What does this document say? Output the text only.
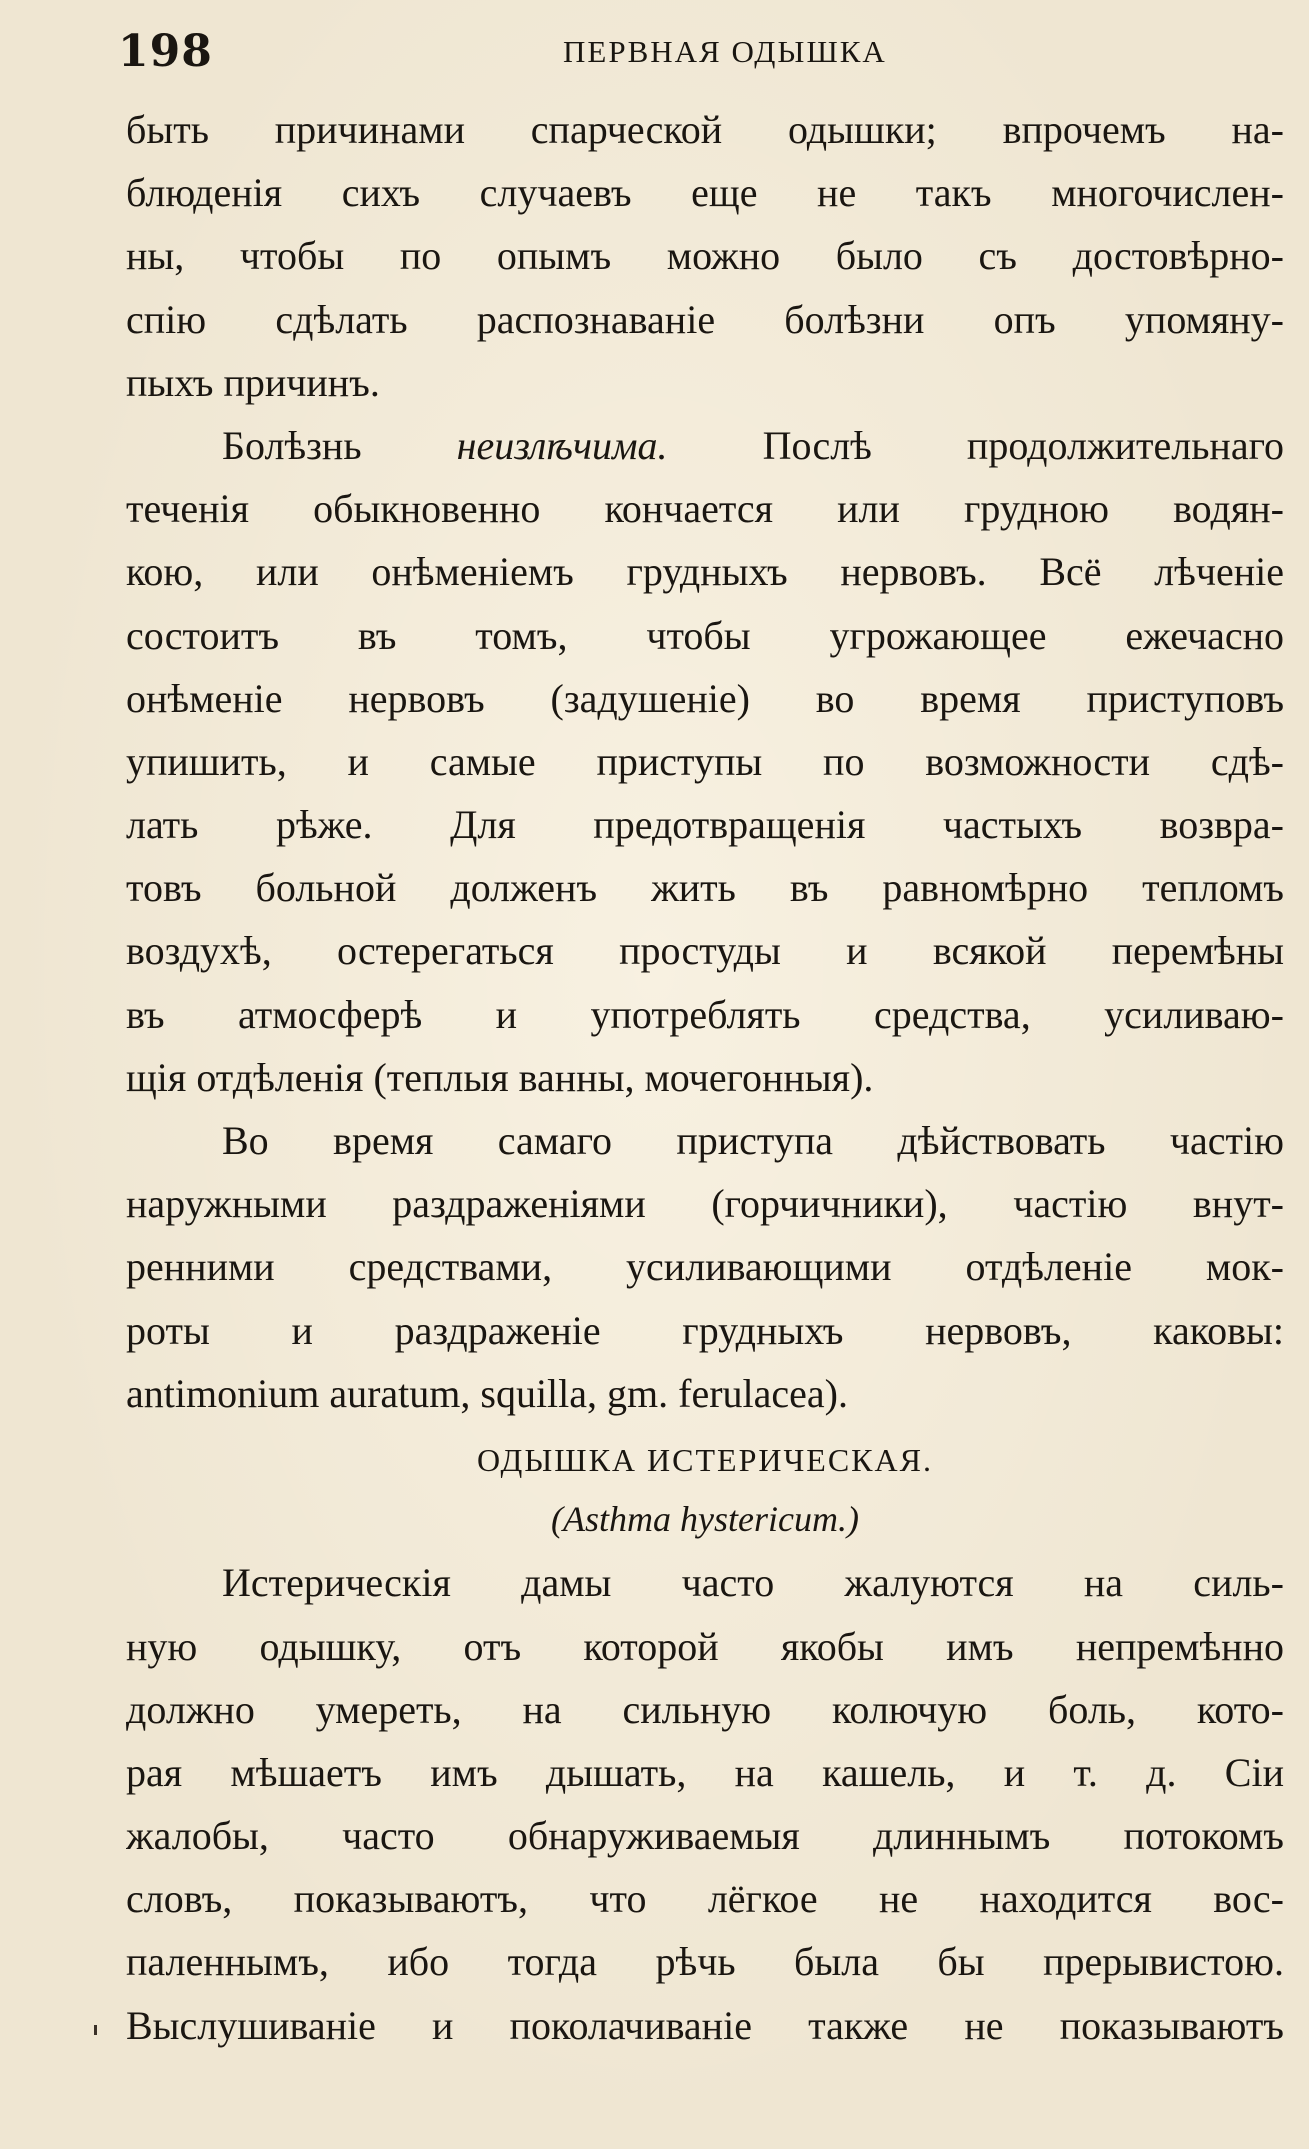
198	ПЕРВНАЯ ОДЫШКА
быть причинами спарческой одышки; впрочемъ на-
блюденія сихъ случаевъ еще не такъ многочислен-
ны, чтобы по опымъ можно было съ достовѣрно-
спію сдѣлать распознаваніе болѣзни опъ упомяну-
пыхъ причинъ.
Болѣзнь неизлѣчима. Послѣ продолжительнаго
теченія обыкновенно кончается или грудною водян-
кою, или онѣменіемъ грудныхъ нервовъ. Всё лѣченіе
состоитъ въ томъ, чтобы угрожающее ежечасно
онѣменіе нервовъ (задушеніе) во время приступовъ
упишить, и самые приступы по возможности сдѣ-
лать рѣже. Для предотвращенія частыхъ возвра-
товъ больной долженъ жить въ равномѣрно тепломъ
воздухѣ, остерегаться простуды и всякой перемѣны
въ атмосферѣ и употреблять средства, усиливаю-
щія отдѣленія (теплыя ванны, мочегонныя).
Во время самаго приступа дѣйствовать частію
наружными раздраженіями (горчичники), частію внут-
ренними средствами, усиливающими отдѣленіе мок-
роты и раздраженіе грудныхъ нервовъ, каковы:
antimonium auratum, squilla, gm. ferulacea).
ОДЫШКА ИСТЕРИЧЕСКАЯ.
(Asthma hystericum.)
Истерическія дамы часто жалуются на силь-
ную одышку, отъ которой якобы имъ непремѣнно
должно умереть, на сильную колючую боль, кото-
рая мѣшаетъ имъ дышать, на кашель, и т. д. Сіи
жалобы, часто обнаруживаемыя длиннымъ потокомъ
словъ, показываютъ, что лёгкое не находится вос-
паленнымъ, ибо тогда рѣчь была бы прерывистою.
Выслушиваніе и поколачиваніе также не показываютъ
